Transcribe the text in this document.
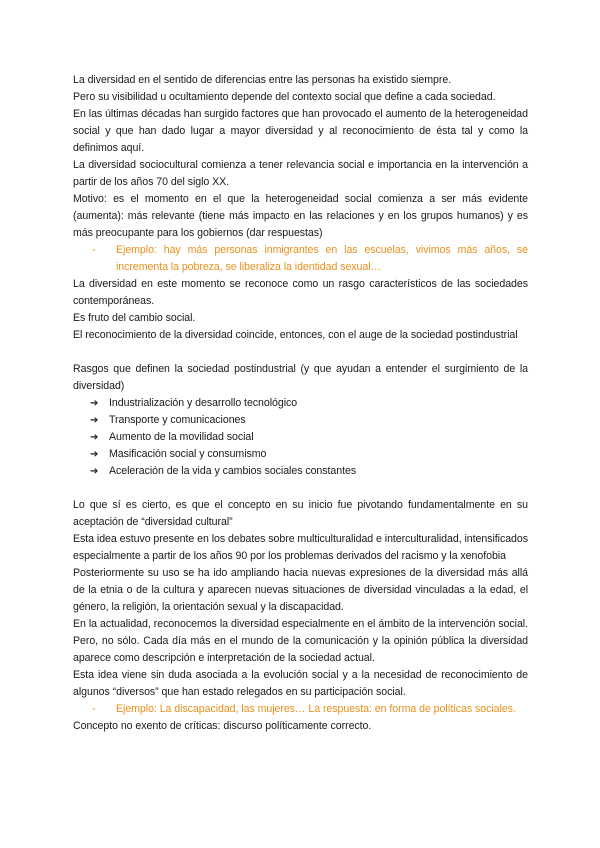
La diversidad en el sentido de diferencias entre las personas ha existido siempre.

Pero su visibilidad u ocultamiento depende del contexto social que define a cada sociedad.

En las últimas décadas han surgido factores que han provocado el aumento de la heterogeneidad social y que han dado lugar a mayor diversidad y al reconocimiento de ésta tal y como la definimos aquí.

La diversidad sociocultural comienza a tener relevancia social e importancia en la intervención a partir de los años 70 del siglo XX.

Motivo: es el momento en el que la heterogeneidad social comienza a ser más evidente (aumenta): más relevante (tiene más impacto en las relaciones y en los grupos humanos) y es más preocupante para los gobiernos (dar respuestas)

- Ejemplo: hay más personas inmigrantes en las escuelas, vivimos más años, se incrementa la pobreza, se liberaliza la identidad sexual…

La diversidad en este momento se reconoce como un rasgo característicos de las sociedades contemporáneas.

Es fruto del cambio social.

El reconocimiento de la diversidad coincide, entonces, con el auge de la sociedad postindustrial

Rasgos que definen la sociedad postindustrial (y que ayudan a entender el surgimiento de la diversidad)

➔ Industrialización y desarrollo tecnológico
➔ Transporte y comunicaciones
➔ Aumento de la movilidad social
➔ Masificación social y consumismo
➔ Aceleración de la vida y cambios sociales constantes

Lo que sí es cierto, es que el concepto en su inicio fue pivotando fundamentalmente en su aceptación de “diversidad cultural”

Esta idea estuvo presente en los debates sobre multiculturalidad e interculturalidad, intensificados especialmente a partir de los años 90 por los problemas derivados del racismo y la xenofobia

Posteriormente su uso se ha ido ampliando hacia nuevas expresiones de la diversidad más allá de la etnia o de la cultura y aparecen nuevas situaciones de diversidad vinculadas a la edad, el género, la religión, la orientación sexual y la discapacidad.

En la actualidad, reconocemos la diversidad especialmente en el ámbito de la intervención social. Pero, no sólo. Cada día más en el mundo de la comunicación y la opinión pública la diversidad aparece como descripción e interpretación de la sociedad actual.

Esta idea viene sin duda asociada a la evolución social y a la necesidad de reconocimiento de algunos “diversos” que han estado relegados en su participación social.

- Ejemplo: La discapacidad, las mujeres… La respuesta: en forma de políticas sociales.

Concepto no exento de críticas: discurso políticamente correcto.
